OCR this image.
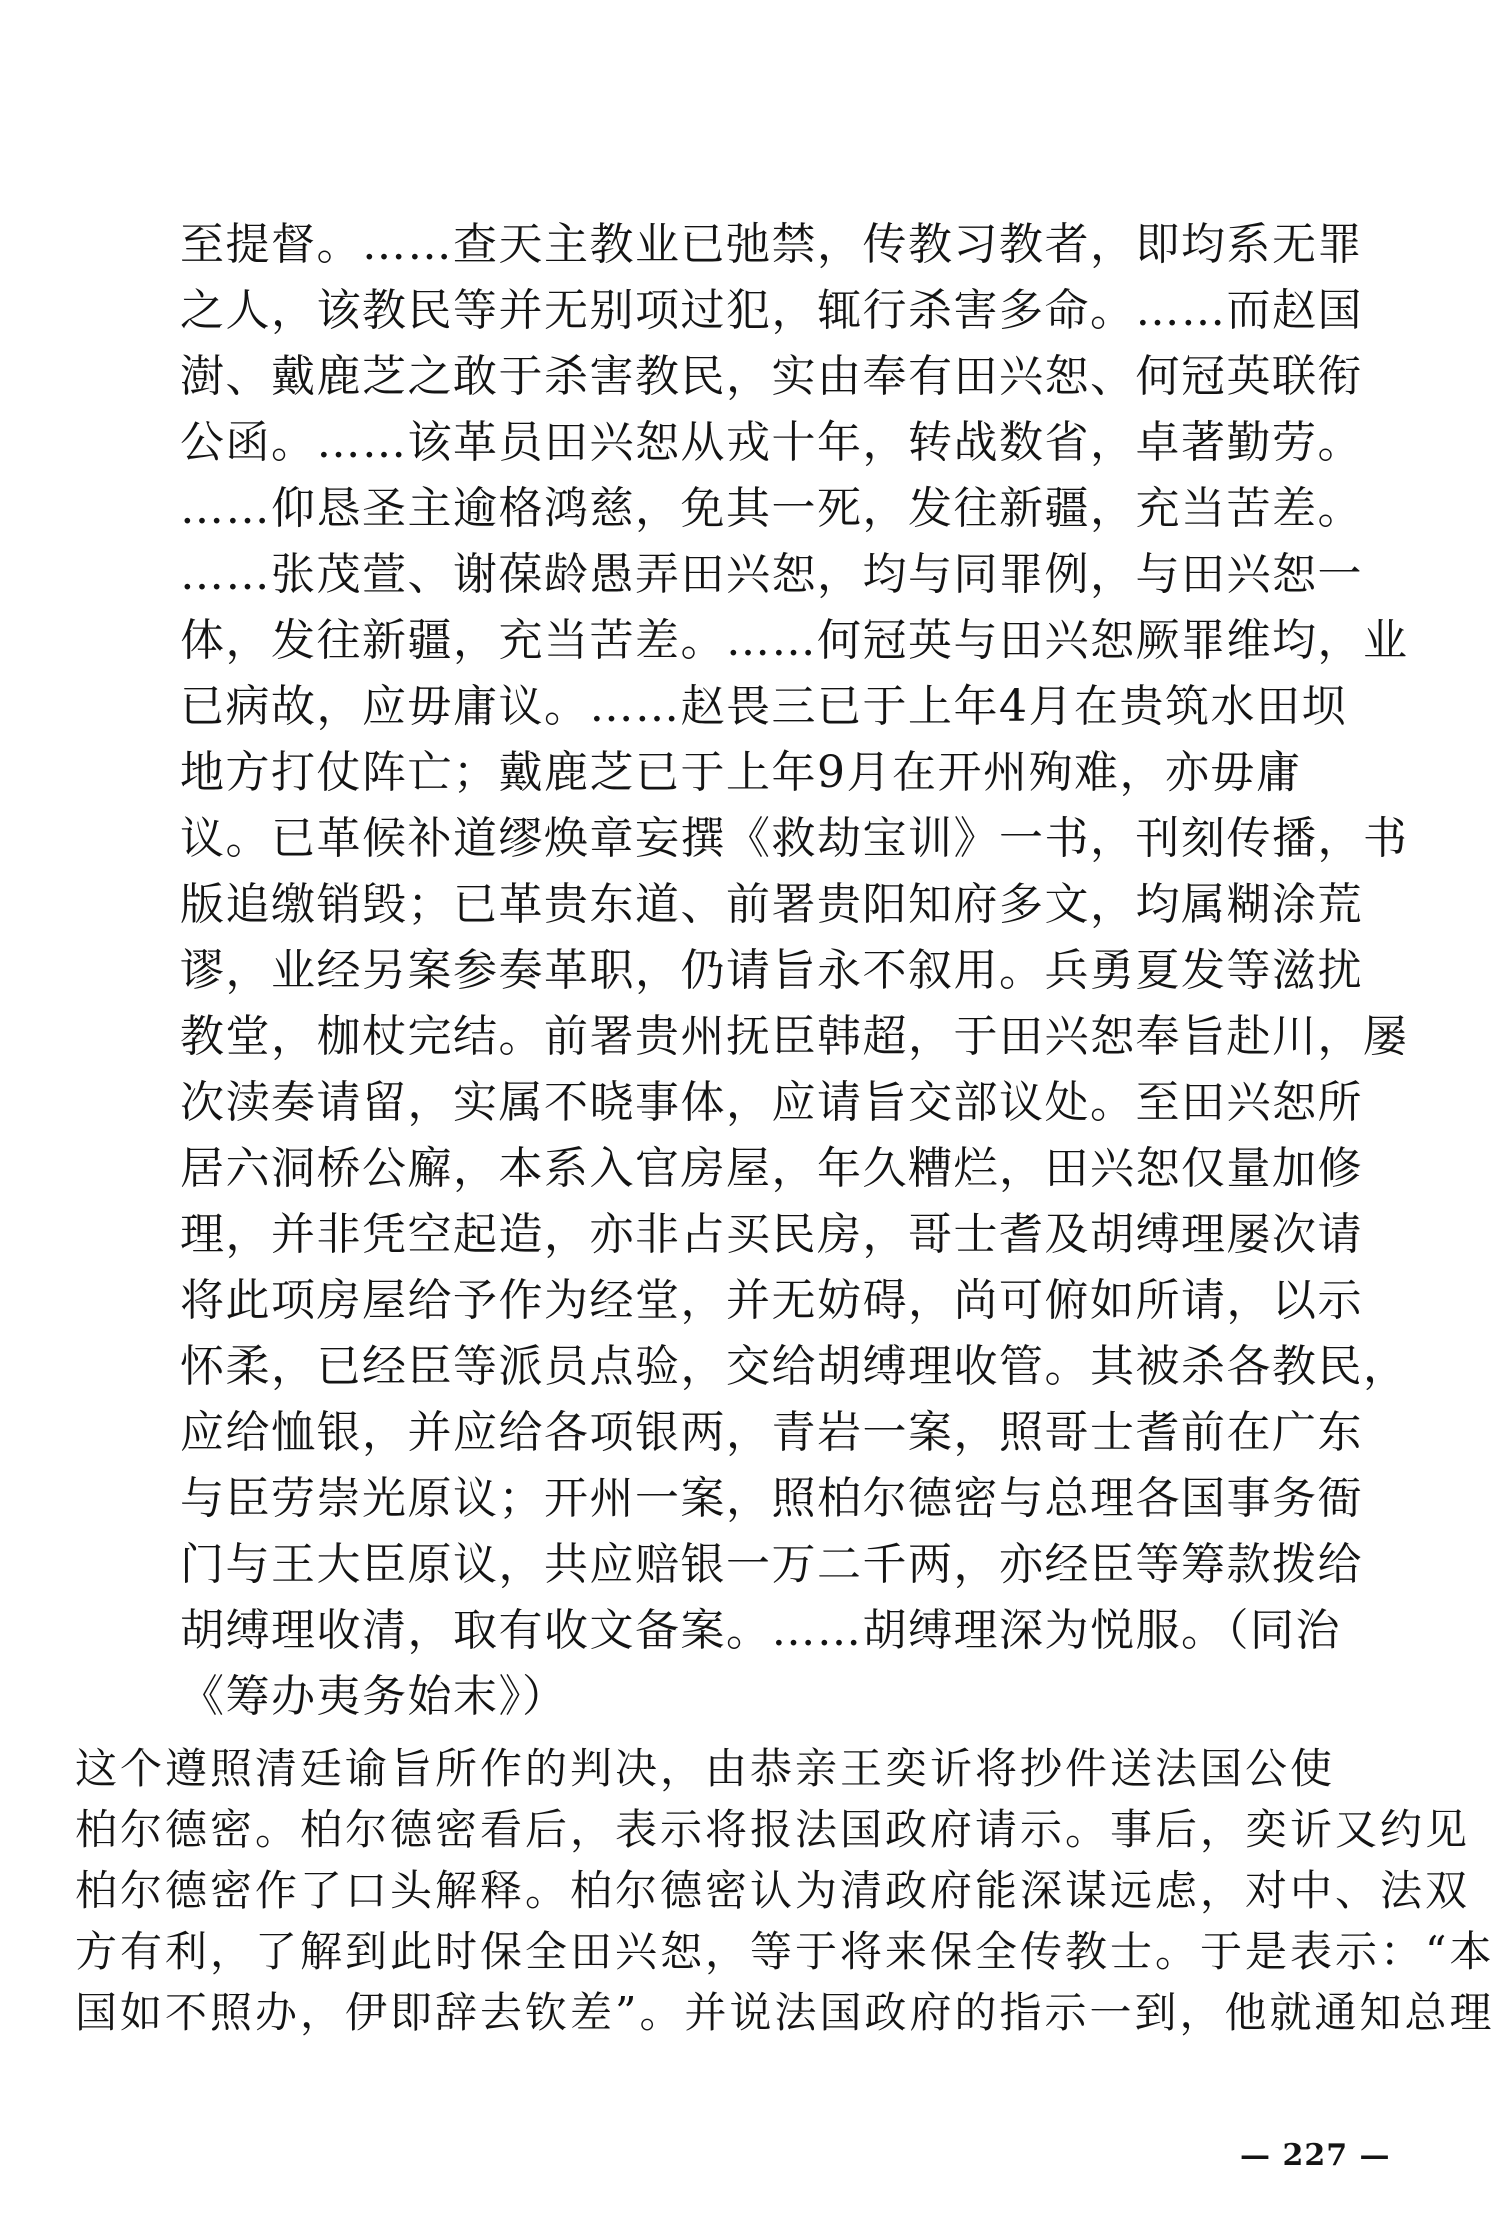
至提督。……查天主教业已弛禁，传教习教者，即均系无罪
之人，该教民等并无别项过犯，辄行杀害多命。……而赵国
澍、戴鹿芝之敢于杀害教民，实由奉有田兴恕、何冠英联衔
公函。……该革员田兴恕从戎十年，转战数省，卓著勤劳。
……仰恳圣主逾格鸿慈，免其一死，发往新疆，充当苦差。
……张茂萱、谢葆龄愚弄田兴恕，均与同罪例，与田兴恕一
体，发往新疆，充当苦差。……何冠英与田兴恕厥罪维均，业
已病故，应毋庸议。……赵畏三已于上年4月在贵筑水田坝
地方打仗阵亡；戴鹿芝已于上年9月在开州殉难，亦毋庸
议。已革候补道缪焕章妄撰《救劫宝训》一书，刊刻传播，书
版追缴销毁；已革贵东道、前署贵阳知府多文，均属糊涂荒
谬，业经另案参奏革职，仍请旨永不叙用。兵勇夏发等滋扰
教堂，枷杖完结。前署贵州抚臣韩超，于田兴恕奉旨赴川，屡
次渎奏请留，实属不晓事体，应请旨交部议处。至田兴恕所
居六洞桥公廨，本系入官房屋，年久糟烂，田兴恕仅量加修
理，并非凭空起造，亦非占买民房，哥士耆及胡缚理屡次请
将此项房屋给予作为经堂，并无妨碍，尚可俯如所请，以示
怀柔，已经臣等派员点验，交给胡缚理收管。其被杀各教民，
应给恤银，并应给各项银两，青岩一案，照哥士耆前在广东
与臣劳崇光原议；开州一案，照柏尔德密与总理各国事务衙
门与王大臣原议，共应赔银一万二千两，亦经臣等筹款拨给
胡缚理收清，取有收文备案。……胡缚理深为悦服。（同治
《筹办夷务始末》）
这个遵照清廷谕旨所作的判决，由恭亲王奕䜣将抄件送法国公使
柏尔德密。柏尔德密看后，表示将报法国政府请示。事后，奕䜣又约见
柏尔德密作了口头解释。柏尔德密认为清政府能深谋远虑，对中、法双
方有利，了解到此时保全田兴恕，等于将来保全传教士。于是表示：“本
国如不照办，伊即辞去钦差”。并说法国政府的指示一到，他就通知总理
— 227 —
